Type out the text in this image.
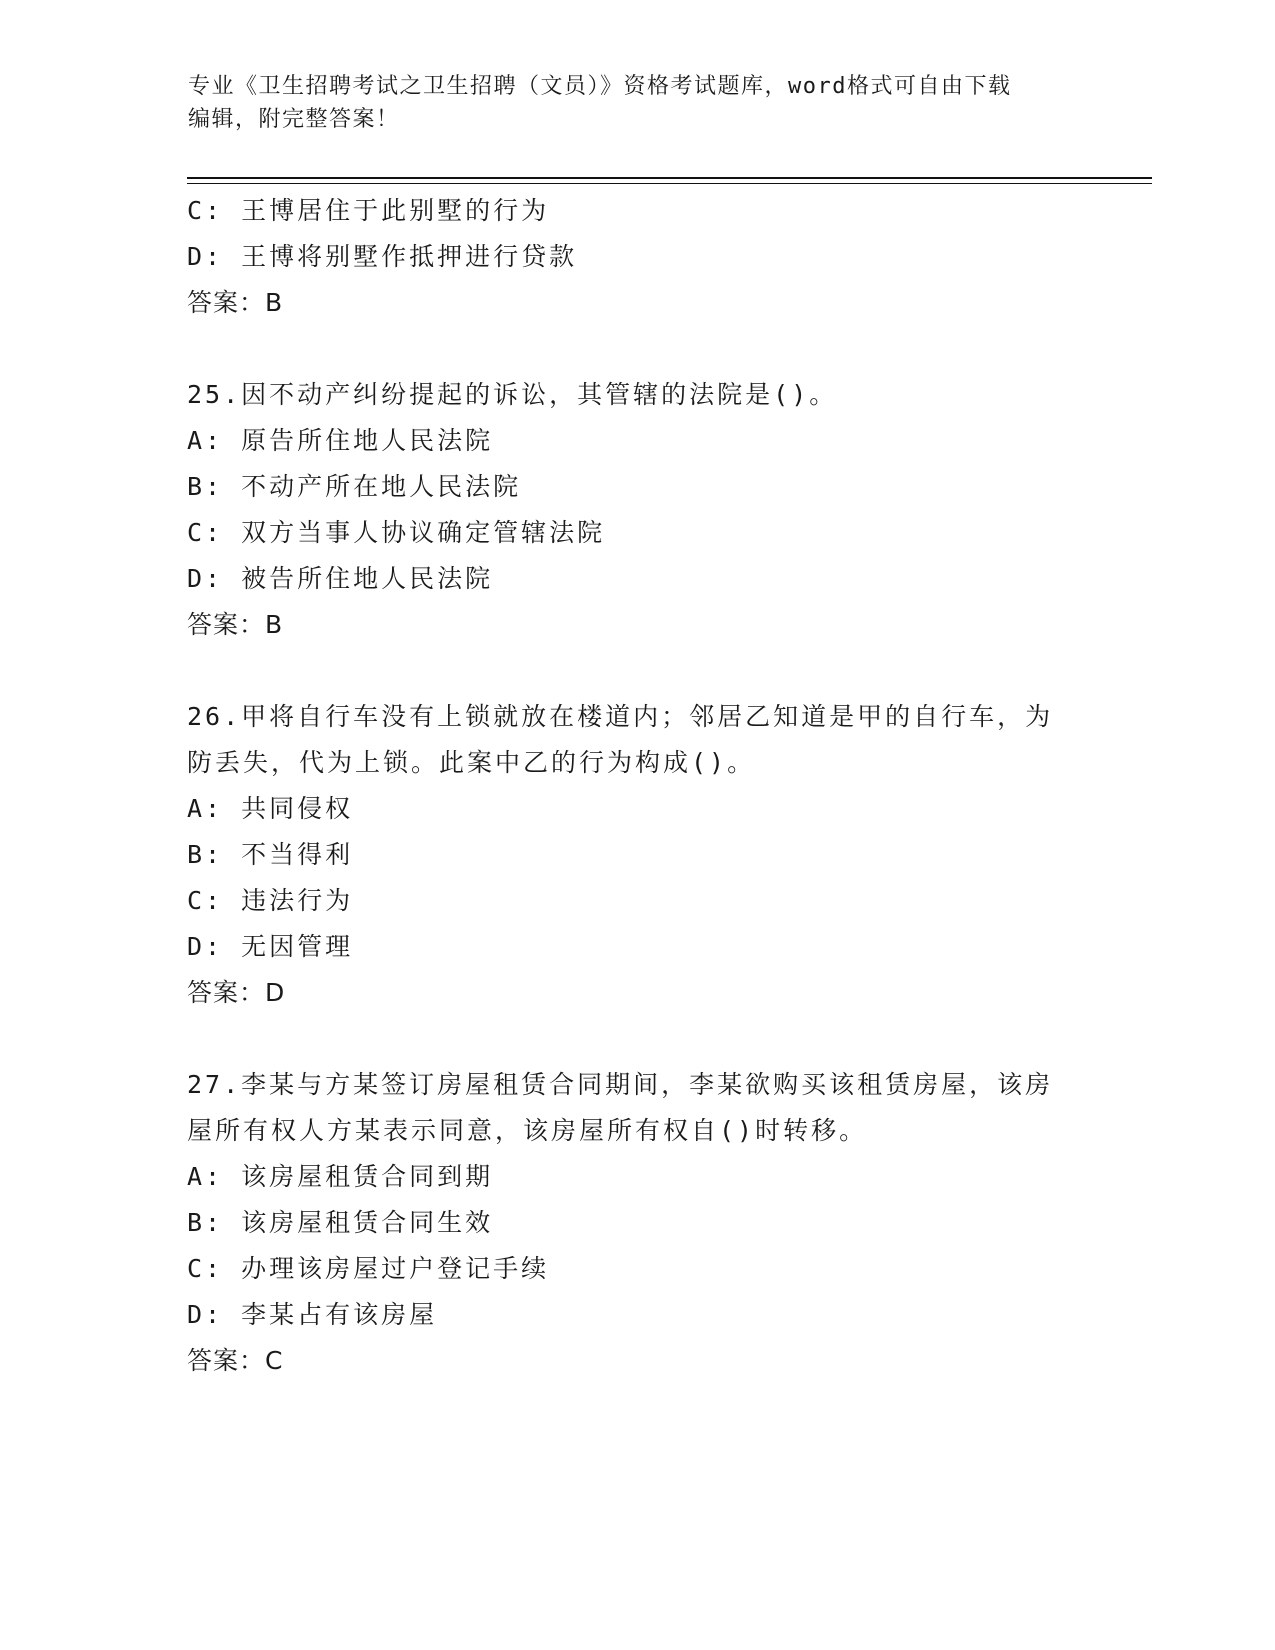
专业《卫生招聘考试之卫生招聘（文员）》资格考试题库，word格式可自由下载
编辑，附完整答案！
C: 王博居住于此别墅的行为
D: 王博将别墅作抵押进行贷款
答案：B
25.因不动产纠纷提起的诉讼，其管辖的法院是()。
A: 原告所住地人民法院
B: 不动产所在地人民法院
C: 双方当事人协议确定管辖法院
D: 被告所住地人民法院
答案：B
26.甲将自行车没有上锁就放在楼道内；邻居乙知道是甲的自行车，为
防丢失，代为上锁。此案中乙的行为构成()。
A: 共同侵权
B: 不当得利
C: 违法行为
D: 无因管理
答案：D
27.李某与方某签订房屋租赁合同期间，李某欲购买该租赁房屋，该房
屋所有权人方某表示同意，该房屋所有权自()时转移。
A: 该房屋租赁合同到期
B: 该房屋租赁合同生效
C: 办理该房屋过户登记手续
D: 李某占有该房屋
答案：C
